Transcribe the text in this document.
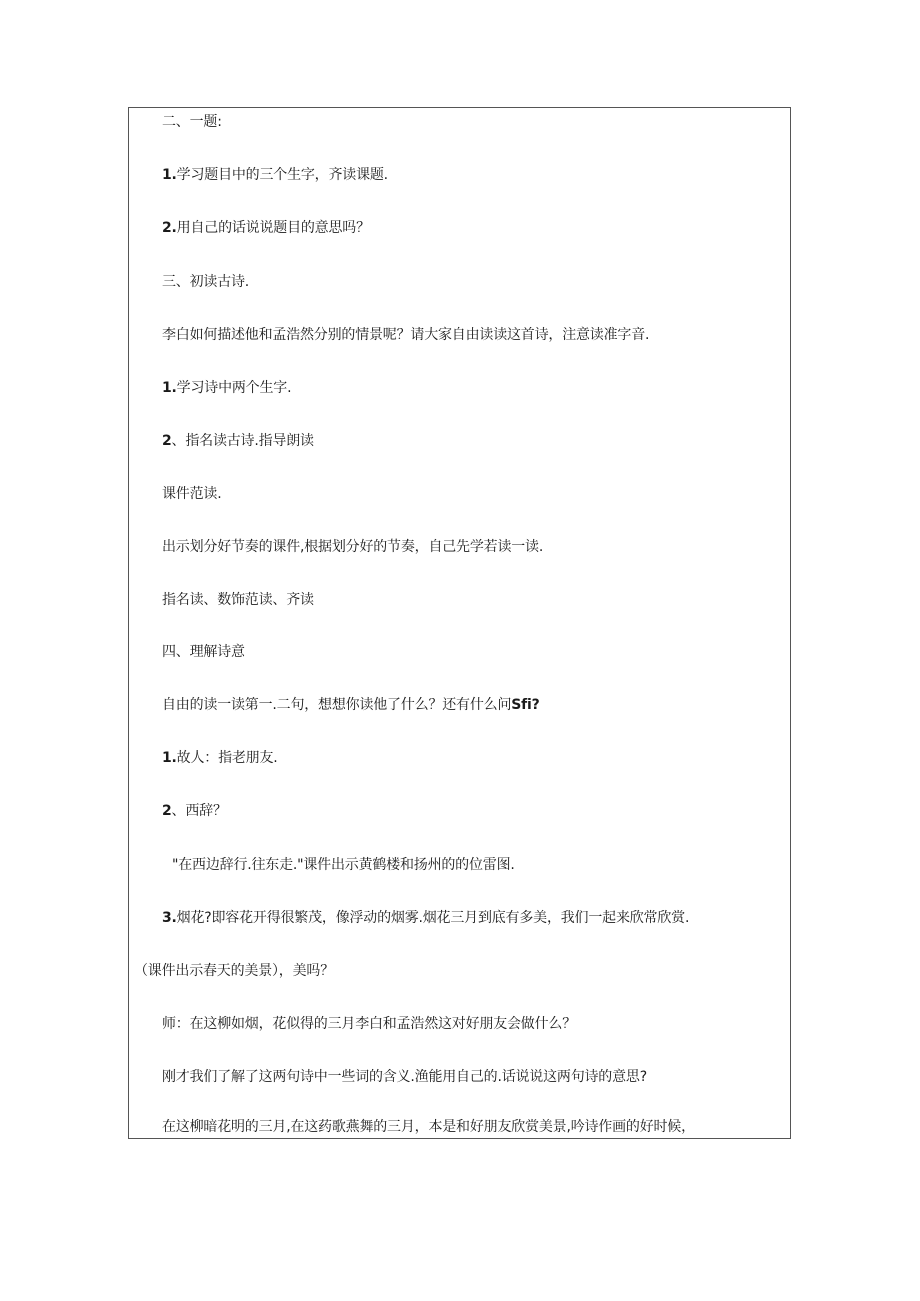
二、一题:
1.学习题目中的三个生字，齐读课题.
2.用自己的话说说题目的意思吗？
三、初读古诗.
李白如何描述他和孟浩然分别的情景呢？请大家自由读读这首诗，注意读准字音.
1.学习诗中两个生字.
2、指名读古诗.指导朗读
课件范读.
出示划分好节奏的课件,根据划分好的节奏，自己先学若读一读.
指名读、数饰范读、齐读
四、理解诗意
自由的读一读第一.二句，想想你读他了什么？还有什么问Sfi?
1.故人：指老朋友.
2、西辞？
"在西边辞行.往东走."课件出示黄鹤楼和扬州的的位雷图.
3.烟花?即容花开得很繁茂，像浮动的烟雾.烟花三月到底有多美，我们一起来欣常欣赏.
（课件出示春天的美景），美吗？
师：在这柳如烟，花似得的三月李白和孟浩然这对好朋友会做什么？
刚才我们了解了这两句诗中一些词的含义.渔能用自己的.话说说这两句诗的意思?
在这柳暗花明的三月,在这药歌燕舞的三月，本是和好朋友欣赏美景,吟诗作画的好时候，
